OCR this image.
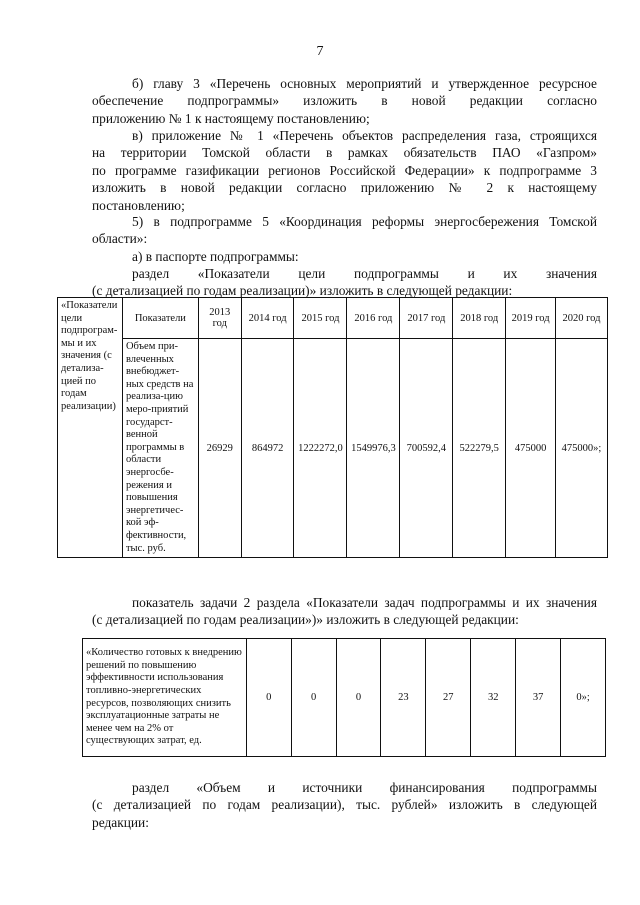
7
б) главу 3 «Перечень основных мероприятий и утвержденное ресурсное
обеспечение подпрограммы» изложить в новой редакции согласно
приложению № 1 к настоящему постановлению;
в) приложение № 1 «Перечень объектов распределения газа, строящихся
на территории Томской области в рамках обязательств ПАО «Газпром»
по программе газификации регионов Российской Федерации» к подпрограмме 3
изложить в новой редакции согласно приложению № 2 к настоящему
постановлению;
5) в подпрограмме 5 «Координация реформы энергосбережения Томской
области»:
а) в паспорте подпрограммы:
раздел «Показатели цели подпрограммы и их значения
(с детализацией по годам реализации)» изложить в следующей редакции:
«Показатели цели подпрограм-мы и их значения (с детализа-цией по годам реализации)	Показатели	2013 год	2014 год	2015 год	2016 год	2017 год	2018 год	2019 год	2020 год
	Объем при-влеченных внебюджет-ных средств на реализа-цию меро-приятий государст-венной программы в области энергосбе-режения и повышения энергетичес-кой эф-фективности, тыс. руб.	26929	864972	1222272,0	1549976,3	700592,4	522279,5	475000	475000»;
показатель задачи 2 раздела «Показатели задач подпрограммы и их значения
(с детализацией по годам реализации»)» изложить в следующей редакции:
«Количество готовых к внедрению решений по повышению эффективности использования топливно-энергетических ресурсов, позволяющих снизить эксплуатационные затраты не менее чем на 2% от существующих затрат, ед.	0	0	0	23	27	32	37	0»;
раздел «Объем и источники финансирования подпрограммы
(с детализацией по годам реализации), тыс. рублей» изложить в следующей
редакции:
